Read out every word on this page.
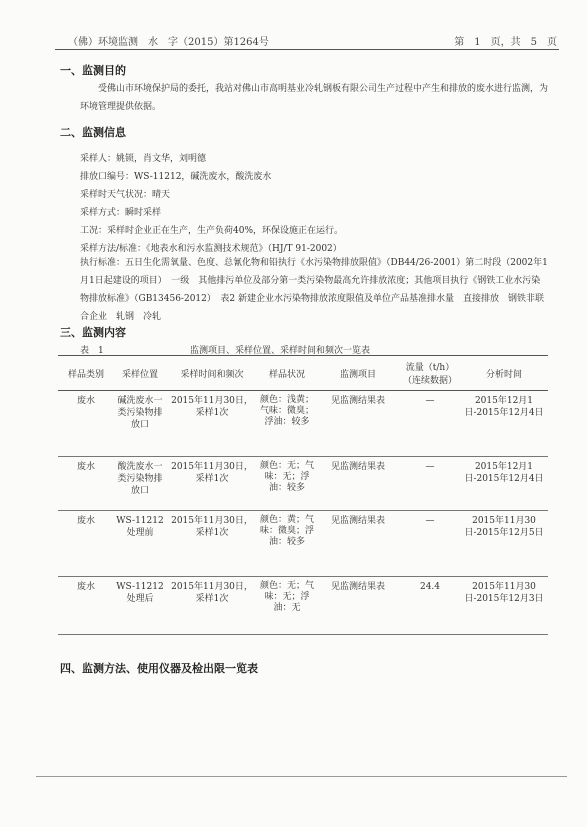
（佛）环境监测　水　字（2015）第1264号	第　1　页，共　5　页
一、监测目的
受佛山市环境保护局的委托，我站对佛山市高明基业冷轧钢板有限公司生产过程中产生和排放的废水进行监测，为环境管理提供依据。
二、监测信息
采样人：姚锁，肖文华，刘明德
排放口编号：WS-11212，碱洗废水，酸洗废水
采样时天气状况：晴天
采样方式：瞬时采样
工况：采样时企业正在生产，生产负荷40%，环保设施正在运行。
采样方法/标准：《地表水和污水监测技术规范》（HJ/T 91-2002）
执行标准：五日生化需氧量、色度、总氰化物和铅执行《水污染物排放限值》（DB44/26-2001）第二时段（2002年1月1日起建设的项目）　一级　其他排污单位及部分第一类污染物最高允许排放浓度；其他项目执行《钢铁工业水污染物排放标准》（GB13456-2012）　表2 新建企业水污染物排放浓度限值及单位产品基准排水量　直接排放　钢铁非联合企业　轧钢　冷轧
三、监测内容
表　1	监测项目、采样位置、采样时间和频次一览表
样品类别	采样位置	采样时间和频次	样品状况	监测项目	流量（t/h）（连续数据）	分析时间
废水	碱洗废水一类污染物排放口	2015年11月30日，采样1次	颜色：浅黄；气味：微臭；浮油：较多	见监测结果表	—	2015年12月1日-2015年12月4日
废水	酸洗废水一类污染物排放口	2015年11月30日，采样1次	颜色：无；气味：无；浮油：较多	见监测结果表	—	2015年12月1日-2015年12月4日
废水	WS-11212处理前	2015年11月30日，采样1次	颜色：黄；气味：微臭；浮油：较多	见监测结果表	—	2015年11月30日-2015年12月5日
废水	WS-11212处理后	2015年11月30日，采样1次	颜色：无；气味：无；浮油：无	见监测结果表	24.4	2015年11月30日-2015年12月3日
四、监测方法、使用仪器及检出限一览表
